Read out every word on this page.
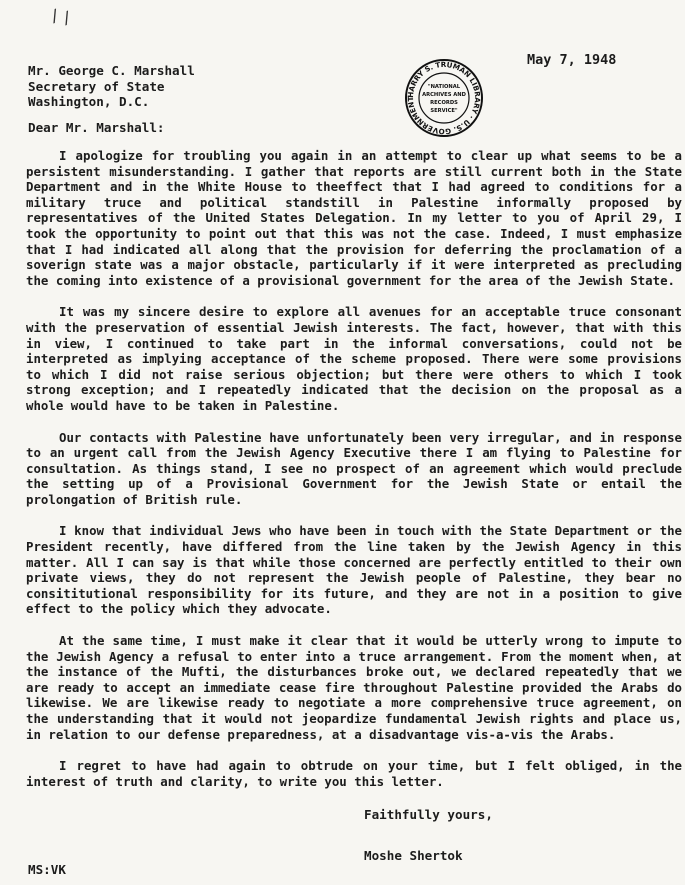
/
/
May 7, 1948
Mr. George C. Marshall
Secretary of State
Washington, D.C.	HARRY S. TRUMAN LIBRARY · U.S. GOVERNMENT
"NATIONAL
ARCHIVES AND
RECORDS
SERVICE"
Dear Mr. Marshall:

I apologize for troubling you again in an attempt to clear up what seems to be a persistent misunderstanding. I gather that reports are still current both in the State Department and in the White House to theeffect that I had agreed to conditions for a military truce and political standstill in Palestine informally proposed by representatives of the United States Delegation. In my letter to you of April 29, I took the opportunity to point out that this was not the case. Indeed, I must emphasize that I had indicated all along that the provision for deferring the proclamation of a soverign state was a major obstacle, particularly if it were interpreted as precluding the coming into existence of a provisional government for the area of the Jewish State.

It was my sincere desire to explore all avenues for an acceptable truce consonant with the preservation of essential Jewish interests. The fact, however, that with this in view, I continued to take part in the informal conversations, could not be interpreted as implying acceptance of the scheme proposed. There were some provisions to which I did not raise serious objection; but there were others to which I took strong exception; and I repeatedly indicated that the decision on the proposal as a whole would have to be taken in Palestine.

Our contacts with Palestine have unfortunately been very irregular, and in response to an urgent call from the Jewish Agency Executive there I am flying to Palestine for consultation. As things stand, I see no prospect of an agreement which would preclude the setting up of a Provisional Government for the Jewish State or entail the prolongation of British rule.

I know that individual Jews who have been in touch with the State Department or the President recently, have differed from the line taken by the Jewish Agency in this matter. All I can say is that while those concerned are perfectly entitled to their own private views, they do not represent the Jewish people of Palestine, they bear no consititutional responsibility for its future, and they are not in a position to give effect to the policy which they advocate.

At the same time, I must make it clear that it would be utterly wrong to impute to the Jewish Agency a refusal to enter into a truce arrangement. From the moment when, at the instance of the Mufti, the disturbances broke out, we declared repeatedly that we are ready to accept an immediate cease fire throughout Palestine provided the Arabs do likewise. We are likewise ready to negotiate a more comprehensive truce agreement, on the understanding that it would not jeopardize fundamental Jewish rights and place us, in relation to our defense preparedness, at a disadvantage vis-a-vis the Arabs.

I regret to have had again to obtrude on your time, but I felt obliged, in the interest of truth and clarity, to write you this letter.

Faithfully yours,
Moshe Shertok
MS:VK
